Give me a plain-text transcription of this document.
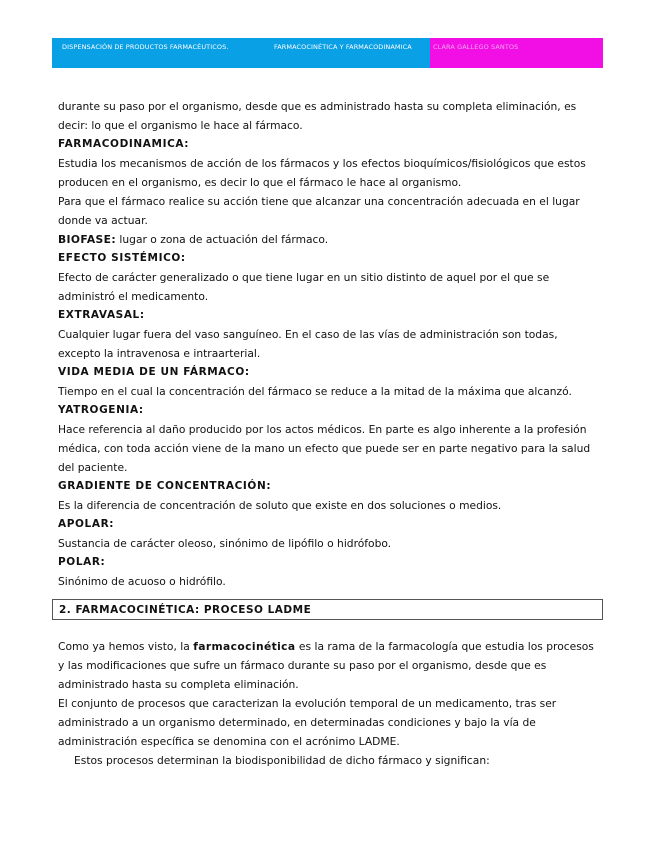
DISPENSACIÓN DE PRODUCTOS FARMACÉUTICOS.	FARMACOCINÉTICA Y FARMACODINAMICA	CLARA GALLEGO SANTOS

durante su paso por el organismo, desde que es administrado hasta su completa eliminación, es decir: lo que el organismo le hace al fármaco.

FARMACODINAMICA:

Estudia los mecanismos de acción de los fármacos y los efectos bioquímicos/fisiológicos que estos producen en el organismo, es decir lo que el fármaco le hace al organismo.

Para que el fármaco realice su acción tiene que alcanzar una concentración adecuada en el lugar donde va actuar.

BIOFASE: lugar o zona de actuación del fármaco.

EFECTO SISTÉMICO:

Efecto de carácter generalizado o que tiene lugar en un sitio distinto de aquel por el que se administró el medicamento.

EXTRAVASAL:

Cualquier lugar fuera del vaso sanguíneo. En el caso de las vías de administración son todas, excepto la intravenosa e intraarterial.

VIDA MEDIA DE UN FÁRMACO:

Tiempo en el cual la concentración del fármaco se reduce a la mitad de la máxima que alcanzó.

YATROGENIA:

Hace referencia al daño producido por los actos médicos. En parte es algo inherente a la profesión médica, con toda acción viene de la mano un efecto que puede ser en parte negativo para la salud del paciente.

GRADIENTE DE CONCENTRACIÓN:

Es la diferencia de concentración de soluto que existe en dos soluciones o medios.

APOLAR:

Sustancia de carácter oleoso, sinónimo de lipófilo o hidrófobo.

POLAR:

Sinónimo de acuoso o hidrófilo.

2. FARMACOCINÉTICA: PROCESO LADME

Como ya hemos visto, la farmacocinética es la rama de la farmacología que estudia los procesos y las modificaciones que sufre un fármaco durante su paso por el organismo, desde que es administrado hasta su completa eliminación.

El conjunto de procesos que caracterizan la evolución temporal de un medicamento, tras ser administrado a un organismo determinado, en determinadas condiciones y bajo la vía de administración específica se denomina con el acrónimo LADME.

Estos procesos determinan la biodisponibilidad de dicho fármaco y significan:
